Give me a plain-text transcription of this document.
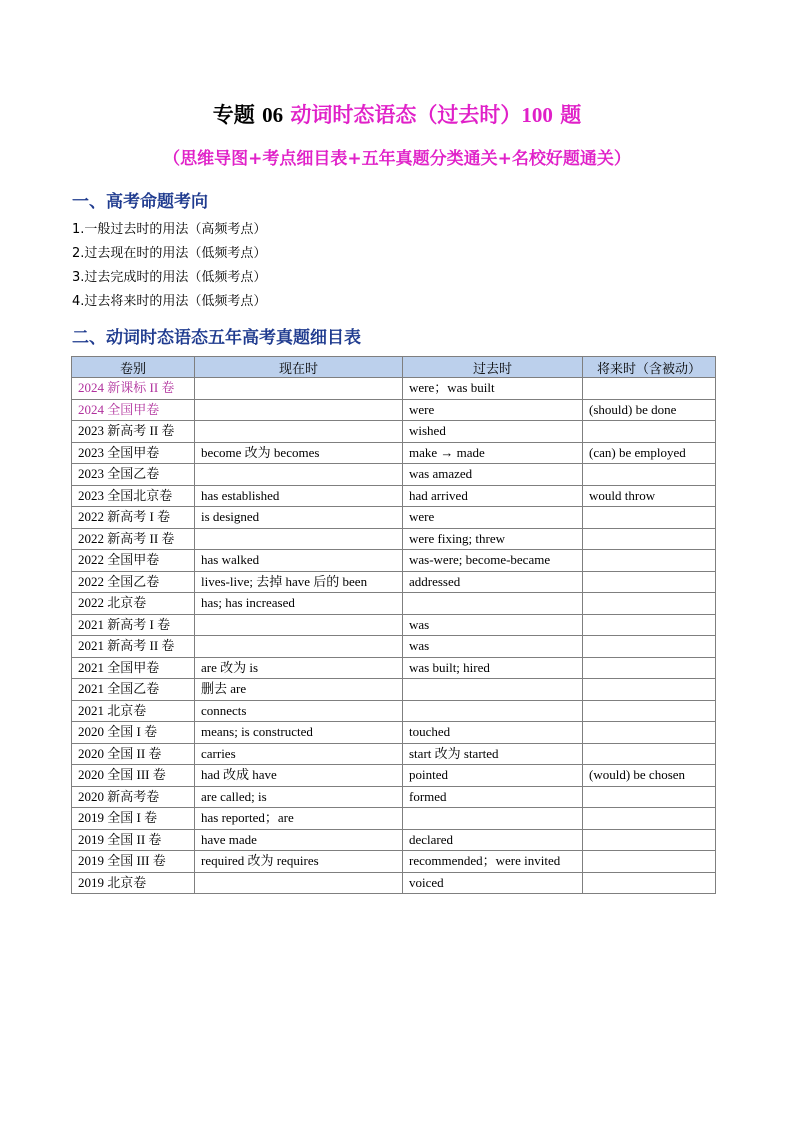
专题 06 动词时态语态（过去时）100 题
（思维导图+考点细目表+五年真题分类通关+名校好题通关）
一、高考命题考向
1.一般过去时的用法（高频考点）
2.过去现在时的用法（低频考点）
3.过去完成时的用法（低频考点）
4.过去将来时的用法（低频考点）
二、动词时态语态五年高考真题细目表
卷别	现在时	过去时	将来时（含被动）
2024 新课标 II 卷		were；was built	
2024 全国甲卷		were	(should) be done
2023 新高考 II 卷		wished	
2023 全国甲卷	become 改为 becomes	make → made	(can) be employed
2023 全国乙卷		was amazed	
2023 全国北京卷	has established	had arrived	would throw
2022 新高考 I 卷	is designed	were	
2022 新高考 II 卷		were fixing; threw	
2022 全国甲卷	has walked	was-were; become-became	
2022 全国乙卷	lives-live; 去掉 have 后的 been	addressed	
2022 北京卷	has; has increased		
2021 新高考 I 卷		was	
2021 新高考 II 卷		was	
2021 全国甲卷	are 改为 is	was built; hired	
2021 全国乙卷	删去 are		
2021 北京卷	connects		
2020 全国 I 卷	means; is constructed	touched	
2020 全国 II 卷	carries	start 改为 started	
2020 全国 III 卷	had 改成 have	pointed	(would) be chosen
2020 新高考卷	are called; is	formed	
2019 全国 I 卷	has reported；are		
2019 全国 II 卷	have made	declared	
2019 全国 III 卷	required 改为 requires	recommended；were invited	
2019 北京卷		voiced	
